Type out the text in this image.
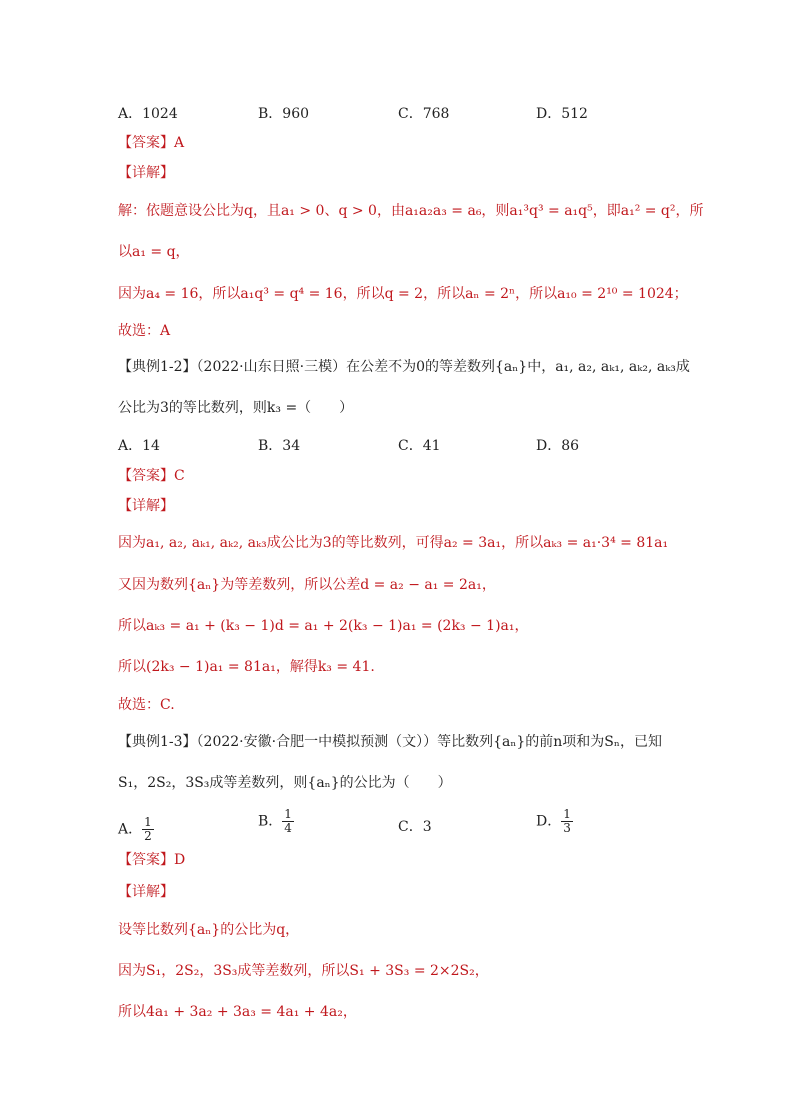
A．1024	B．960	C．768	D．512
【答案】A
【详解】
解：依题意设公比为q，且a₁ > 0、q > 0，由a₁a₂a₃ = a₆，则a₁³q³ = a₁q⁵，即a₁² = q²，所
以a₁ = q，
因为a₄ = 16，所以a₁q³ = q⁴ = 16，所以q = 2，所以aₙ = 2ⁿ，所以a₁₀ = 2¹⁰ = 1024；
故选：A
【典例1-2】（2022·山东日照·三模）在公差不为0的等差数列{aₙ}中，a₁, a₂, aₖ₁, aₖ₂, aₖ₃成
公比为3的等比数列，则k₃ =（　　）
A．14	B．34	C．41	D．86
【答案】C
【详解】
因为a₁, a₂, aₖ₁, aₖ₂, aₖ₃成公比为3的等比数列，可得a₂ = 3a₁，所以aₖ₃ = a₁·3⁴ = 81a₁
又因为数列{aₙ}为等差数列，所以公差d = a₂ − a₁ = 2a₁，
所以aₖ₃ = a₁ + (k₃ − 1)d = a₁ + 2(k₃ − 1)a₁ = (2k₃ − 1)a₁，
所以(2k₃ − 1)a₁ = 81a₁，解得k₃ = 41.
故选：C.
【典例1-3】（2022·安徽·合肥一中模拟预测（文））等比数列{aₙ}的前n项和为Sₙ，已知
S₁，2S₂，3S₃成等差数列，则{aₙ}的公比为（　　）
A． $\frac{1}{2}$	B． $\frac{1}{4}$	C．3	D． $\frac{1}{3}$
【答案】D
【详解】
设等比数列{aₙ}的公比为q，
因为S₁，2S₂，3S₃成等差数列，所以S₁ + 3S₃ = 2×2S₂，
所以4a₁ + 3a₂ + 3a₃ = 4a₁ + 4a₂，
